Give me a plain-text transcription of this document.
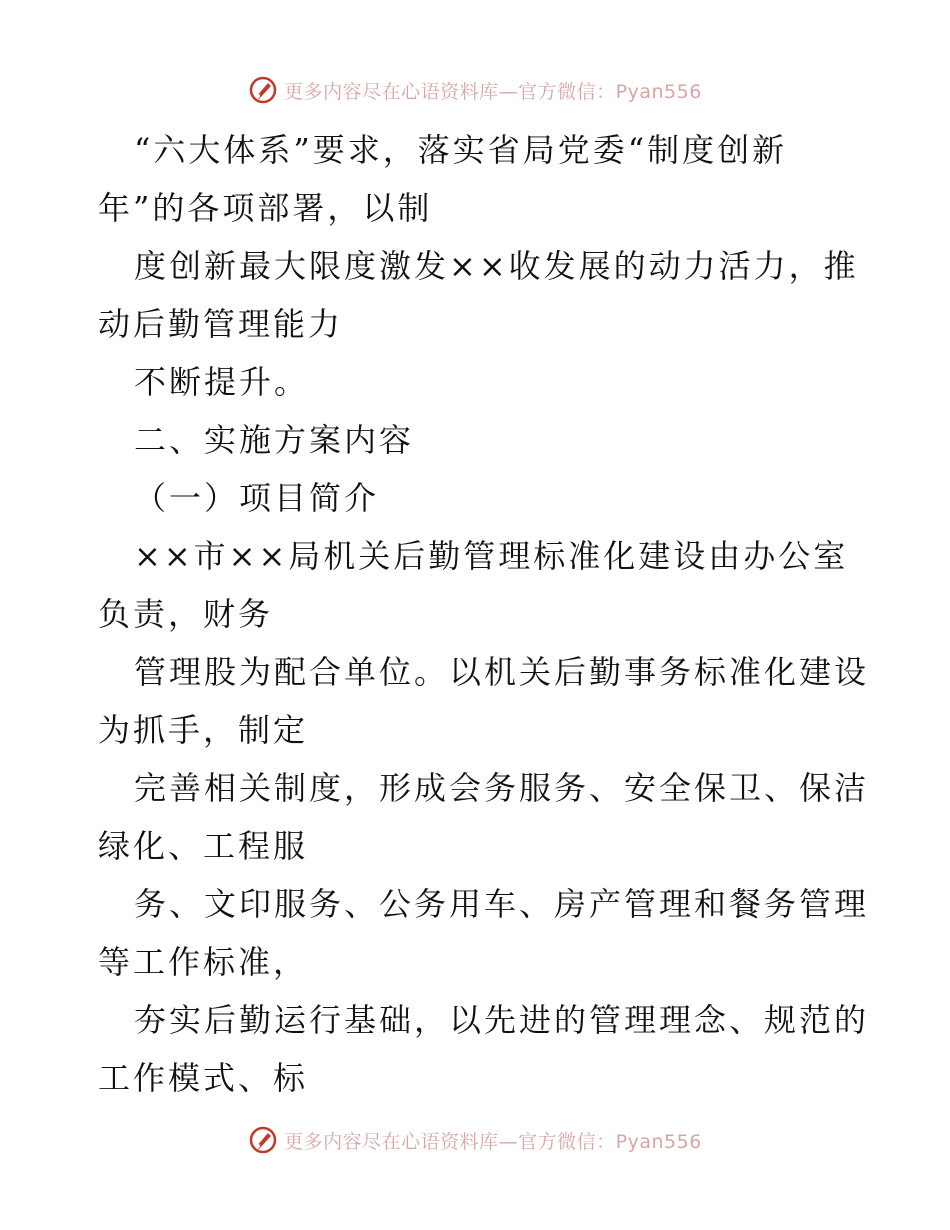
更多内容尽在心语资料库—官方微信：Pyan556
“六大体系”要求，落实省局党委“制度创新
年”的各项部署，以制
度创新最大限度激发××收发展的动力活力，推
动后勤管理能力
不断提升。
二、实施方案内容
（一）项目简介
××市××局机关后勤管理标准化建设由办公室
负责，财务
管理股为配合单位。以机关后勤事务标准化建设
为抓手，制定
完善相关制度，形成会务服务、安全保卫、保洁
绿化、工程服
务、文印服务、公务用车、房产管理和餐务管理
等工作标准，
夯实后勤运行基础，以先进的管理理念、规范的
工作模式、标
更多内容尽在心语资料库—官方微信：Pyan556
